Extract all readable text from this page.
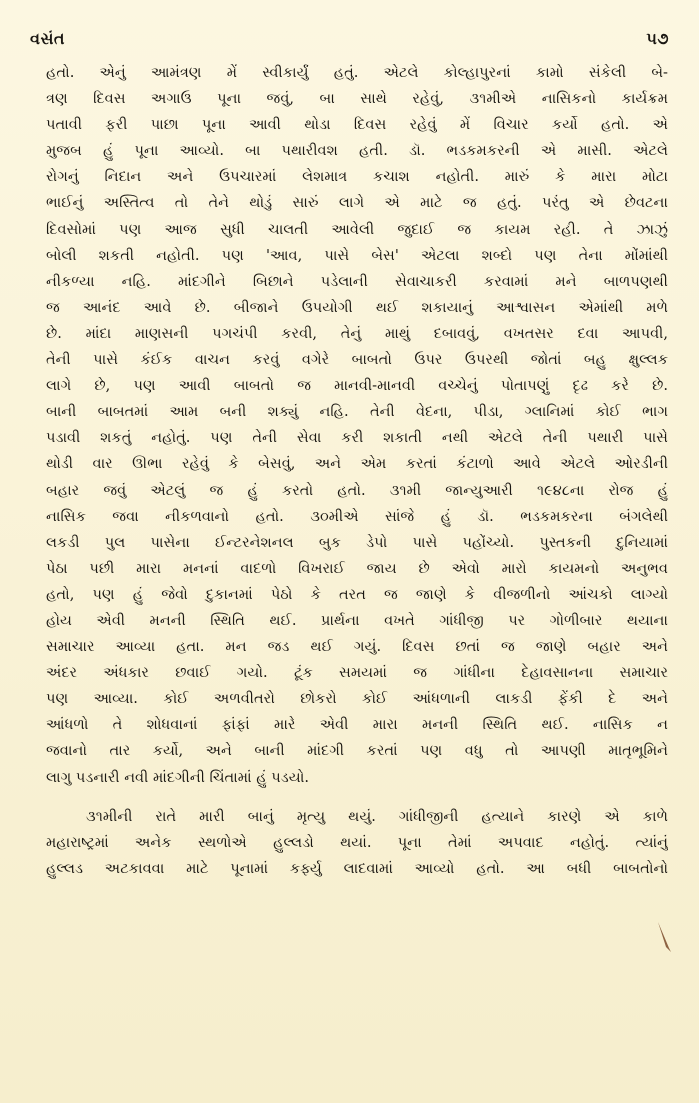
વસંત	૫૭
હતો. એનું આમંત્રણ મેં સ્વીકાર્યું હતું. એટલે કોલ્હાપુરનાં કામો સંકેલી બે-
ત્રણ દિવસ અગાઉ પૂના જવું, બા સાથે રહેવું, ૩૧મીએ નાસિકનો કાર્યક્રમ
પતાવી ફરી પાછા પૂના આવી થોડા દિવસ રહેવું મેં વિચાર કર્યો હતો. એ
મુજબ હું પૂના આવ્યો. બા પથારીવશ હતી. ડૉ. ભડકમકરની એ માસી. એટલે
રોગનું નિદાન અને ઉપચારમાં લેશમાત્ર કચાશ નહોતી. મારું કે મારા મોટા
ભાઈનું અસ્તિત્વ તો તેને થોડું સારું લાગે એ માટે જ હતું. પરંતુ એ છેવટના
દિવસોમાં પણ આજ સુધી ચાલતી આવેલી જુદાઈ જ કાયમ રહી. તે ઝાઝું
બોલી શકતી નહોતી. પણ 'આવ, પાસે બેસ' એટલા શબ્દો પણ તેના મોંમાંથી
નીકળ્યા નહિ. માંદગીને બિછાને પડેલાની સેવાચાકરી કરવામાં મને બાળપણથી
જ આનંદ આવે છે. બીજાને ઉપયોગી થઈ શકાયાનું આશ્વાસન એમાંથી મળે
છે. માંદા માણસની પગચંપી કરવી, તેનું માથું દબાવવું, વખતસર દવા આપવી,
તેની પાસે કંઈક વાચન કરવું વગેરે બાબતો ઉપર ઉપરથી જોતાં બહુ ક્ષુલ્લક
લાગે છે, પણ આવી બાબતો જ માનવી-માનવી વચ્ચેનું પોતાપણું દૃઢ કરે છે.
બાની બાબતમાં આમ બની શક્યું નહિ. તેની વેદના, પીડા, ગ્લાનિમાં કોઈ ભાગ
પડાવી શકતું નહોતું. પણ તેની સેવા કરી શકાતી નથી એટલે તેની પથારી પાસે
થોડી વાર ઊભા રહેવું કે બેસવું, અને એમ કરતાં કંટાળો આવે એટલે ઓરડીની
બહાર જવું એટલું જ હું કરતો હતો. ૩૧મી જાન્યુઆરી ૧૯૪૮ના રોજ હું
નાસિક જવા નીકળવાનો હતો. ૩૦મીએ સાંજે હું ડૉ. ભડકમકરના બંગલેથી
લકડી પુલ પાસેના ઈન્ટરનેશનલ બુક ડેપો પાસે પહોંચ્યો. પુસ્તકની દુનિયામાં
પેઠા પછી મારા મનનાં વાદળો વિખરાઈ જાય છે એવો મારો કાયમનો અનુભવ
હતો, પણ હું જેવો દુકાનમાં પેઠો કે તરત જ જાણે કે વીજળીનો આંચકો લાગ્યો
હોય એવી મનની સ્થિતિ થઈ. પ્રાર્થના વખતે ગાંધીજી પર ગોળીબાર થયાના
સમાચાર આવ્યા હતા. મન જડ થઈ ગયું. દિવસ છતાં જ જાણે બહાર અને
અંદર અંધકાર છવાઈ ગયો. ટૂંક સમયમાં જ ગાંધીના દેહાવસાનના સમાચાર
પણ આવ્યા. કોઈ અળવીતરો છોકરો કોઈ આંધળાની લાકડી ફેંકી દે અને
આંધળો તે શોધવાનાં ફાંફાં મારે એવી મારા મનની સ્થિતિ થઈ. નાસિક ન
જવાનો તાર કર્યો, અને બાની માંદગી કરતાં પણ વધુ તો આપણી માતૃભૂમિને
લાગુ પડનારી નવી માંદગીની ચિંતામાં હું પડયો.
૩૧મીની રાતે મારી બાનું મૃત્યુ થયું. ગાંધીજીની હત્યાને કારણે એ કાળે
મહારાષ્ટ્રમાં અનેક સ્થળોએ હુલ્લડો થયાં. પૂના તેમાં અપવાદ નહોતું. ત્યાંનું
હુલ્લડ અટકાવવા માટે પૂનામાં કર્ફ્યુ લાદવામાં આવ્યો હતો. આ બધી બાબતોનો
